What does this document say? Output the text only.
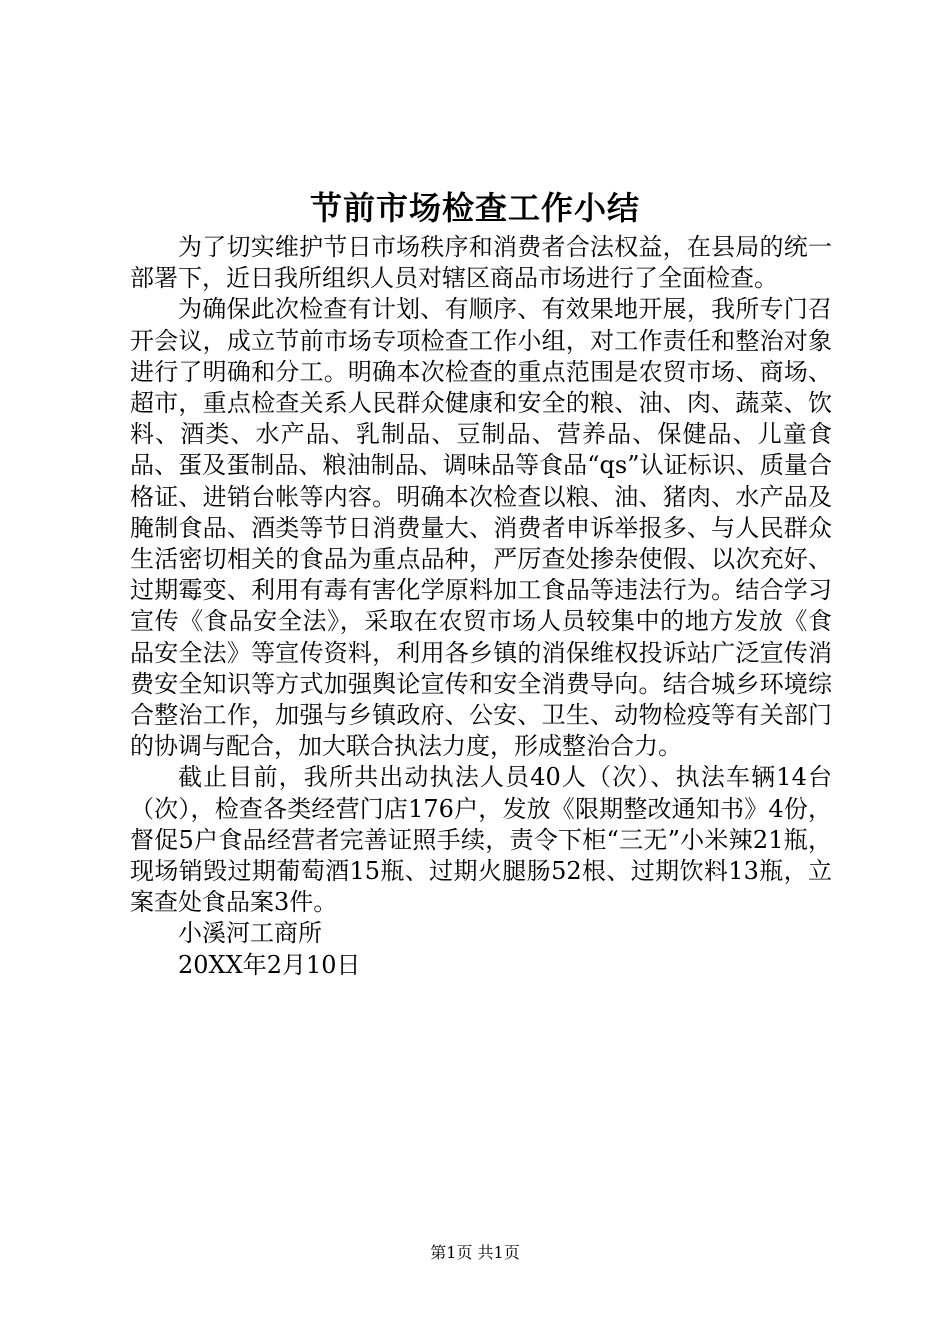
节前市场检查工作小结

为了切实维护节日市场秩序和消费者合法权益，在县局的统一部署下，近日我所组织人员对辖区商品市场进行了全面检查。

为确保此次检查有计划、有顺序、有效果地开展，我所专门召开会议，成立节前市场专项检查工作小组，对工作责任和整治对象进行了明确和分工。明确本次检查的重点范围是农贸市场、商场、超市，重点检查关系人民群众健康和安全的粮、油、肉、蔬菜、饮料、酒类、水产品、乳制品、豆制品、营养品、保健品、儿童食品、蛋及蛋制品、粮油制品、调味品等食品“qs”认证标识、质量合格证、进销台帐等内容。明确本次检查以粮、油、猪肉、水产品及腌制食品、酒类等节日消费量大、消费者申诉举报多、与人民群众生活密切相关的食品为重点品种，严厉查处掺杂使假、以次充好、过期霉变、利用有毒有害化学原料加工食品等违法行为。结合学习宣传《食品安全法》，采取在农贸市场人员较集中的地方发放《食品安全法》等宣传资料，利用各乡镇的消保维权投诉站广泛宣传消费安全知识等方式加强舆论宣传和安全消费导向。结合城乡环境综合整治工作，加强与乡镇政府、公安、卫生、动物检疫等有关部门的协调与配合，加大联合执法力度，形成整治合力。

截止目前，我所共出动执法人员40人（次）、执法车辆14台（次），检查各类经营门店176户，发放《限期整改通知书》4份，督促5户食品经营者完善证照手续，责令下柜“三无”小米辣21瓶，现场销毁过期葡萄酒15瓶、过期火腿肠52根、过期饮料13瓶，立案查处食品案3件。

小溪河工商所

20XX年2月10日

第1页 共1页
